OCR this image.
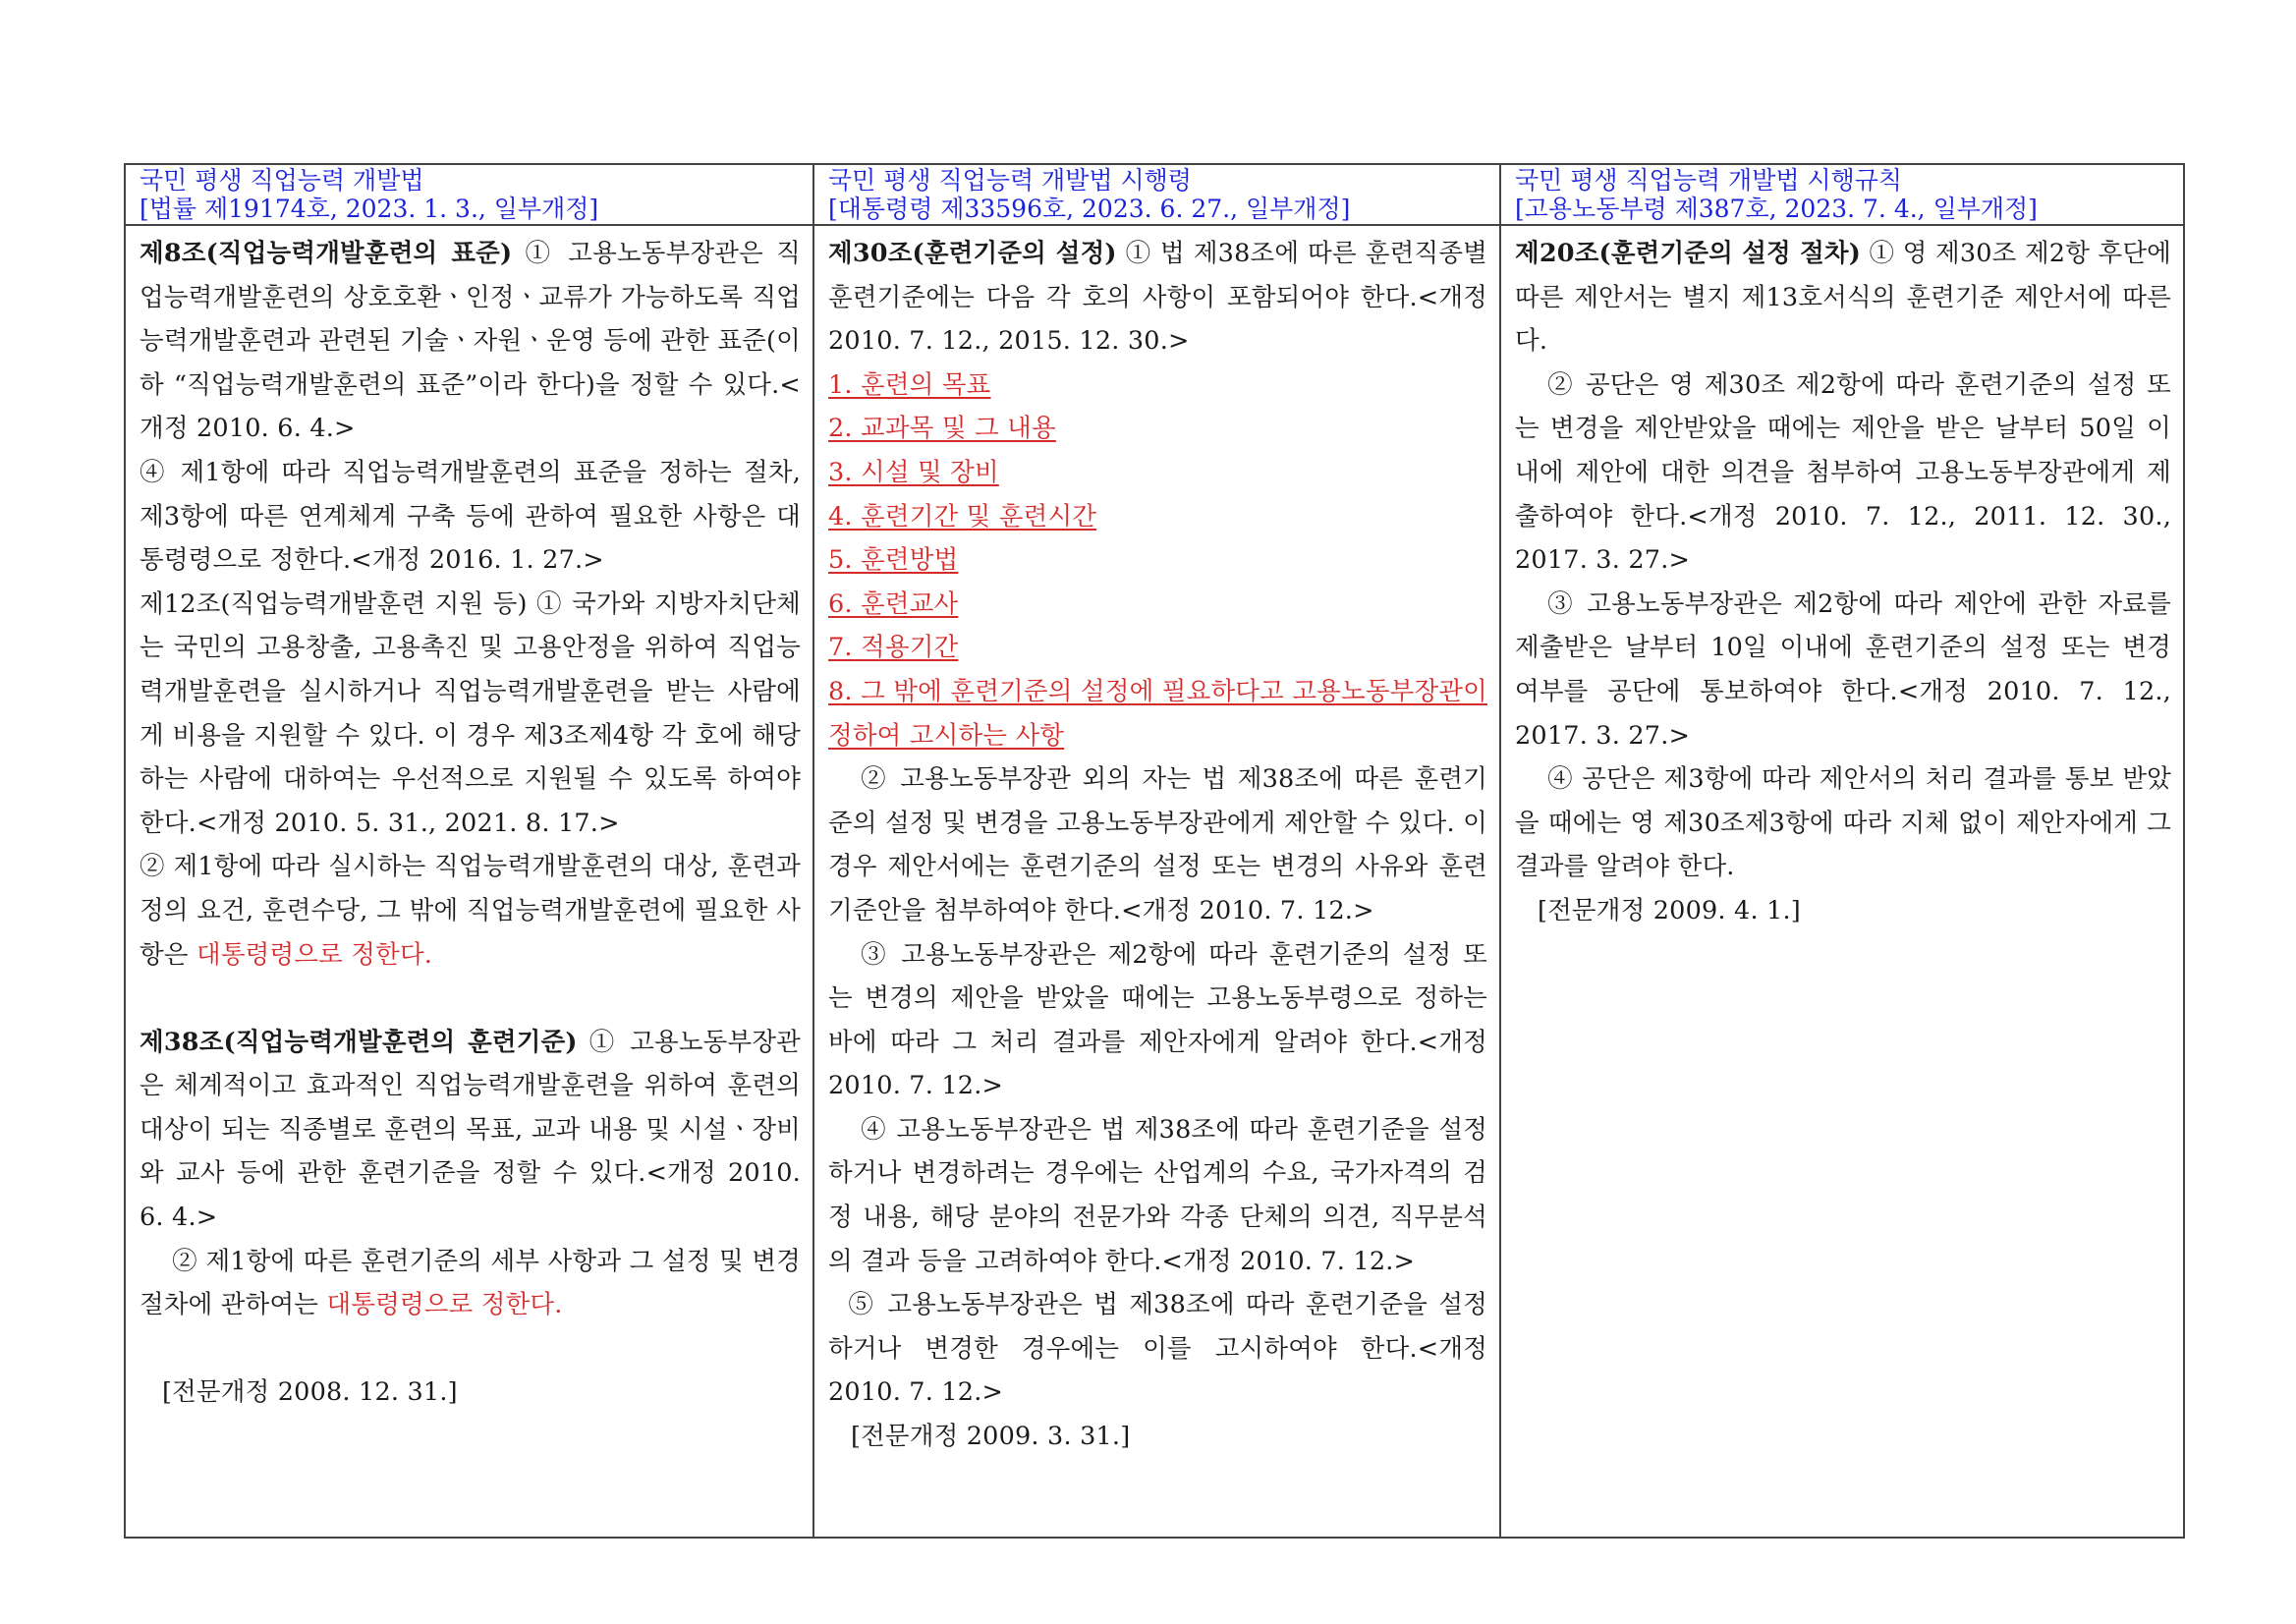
국민 평생 직업능력 개발법
[법률 제19174호, 2023. 1. 3., 일부개정]
국민 평생 직업능력 개발법 시행령
[대통령령 제33596호, 2023. 6. 27., 일부개정]
국민 평생 직업능력 개발법 시행규칙
[고용노동부령 제387호, 2023. 7. 4., 일부개정]

제8조(직업능력개발훈련의 표준) ① 고용노동부장관은 직업능력개발훈련의 상호호환ㆍ인정ㆍ교류가 가능하도록 직업능력개발훈련과 관련된 기술ㆍ자원ㆍ운영 등에 관한 표준(이하 “직업능력개발훈련의 표준”이라 한다)을 정할 수 있다.<개정 2010. 6. 4.>

④ 제1항에 따라 직업능력개발훈련의 표준을 정하는 절차, 제3항에 따른 연계체계 구축 등에 관하여 필요한 사항은 대통령령으로 정한다.<개정 2016. 1. 27.>

제12조(직업능력개발훈련 지원 등) ① 국가와 지방자치단체는 국민의 고용창출, 고용촉진 및 고용안정을 위하여 직업능력개발훈련을 실시하거나 직업능력개발훈련을 받는 사람에게 비용을 지원할 수 있다. 이 경우 제3조제4항 각 호에 해당하는 사람에 대하여는 우선적으로 지원될 수 있도록 하여야 한다.<개정 2010. 5. 31., 2021. 8. 17.>

② 제1항에 따라 실시하는 직업능력개발훈련의 대상, 훈련과정의 요건, 훈련수당, 그 밖에 직업능력개발훈련에 필요한 사항은 대통령령으로 정한다.

제38조(직업능력개발훈련의 훈련기준) ① 고용노동부장관은 체계적이고 효과적인 직업능력개발훈련을 위하여 훈련의 대상이 되는 직종별로 훈련의 목표, 교과 내용 및 시설ㆍ장비와 교사 등에 관한 훈련기준을 정할 수 있다.<개정 2010. 6. 4.>

② 제1항에 따른 훈련기준의 세부 사항과 그 설정 및 변경 절차에 관하여는 대통령령으로 정한다.

[전문개정 2008. 12. 31.]

제30조(훈련기준의 설정) ① 법 제38조에 따른 훈련직종별 훈련기준에는 다음 각 호의 사항이 포함되어야 한다.<개정 2010. 7. 12., 2015. 12. 30.>

1. 훈련의 목표
2. 교과목 및 그 내용
3. 시설 및 장비
4. 훈련기간 및 훈련시간
5. 훈련방법
6. 훈련교사
7. 적용기간
8. 그 밖에 훈련기준의 설정에 필요하다고 고용노동부장관이 정하여 고시하는 사항

② 고용노동부장관 외의 자는 법 제38조에 따른 훈련기준의 설정 및 변경을 고용노동부장관에게 제안할 수 있다. 이 경우 제안서에는 훈련기준의 설정 또는 변경의 사유와 훈련기준안을 첨부하여야 한다.<개정 2010. 7. 12.>

③ 고용노동부장관은 제2항에 따라 훈련기준의 설정 또는 변경의 제안을 받았을 때에는 고용노동부령으로 정하는 바에 따라 그 처리 결과를 제안자에게 알려야 한다.<개정 2010. 7. 12.>

④ 고용노동부장관은 법 제38조에 따라 훈련기준을 설정하거나 변경하려는 경우에는 산업계의 수요, 국가자격의 검정 내용, 해당 분야의 전문가와 각종 단체의 의견, 직무분석의 결과 등을 고려하여야 한다.<개정 2010. 7. 12.>

⑤ 고용노동부장관은 법 제38조에 따라 훈련기준을 설정하거나 변경한 경우에는 이를 고시하여야 한다.<개정 2010. 7. 12.>

[전문개정 2009. 3. 31.]

제20조(훈련기준의 설정 절차) ① 영 제30조 제2항 후단에 따른 제안서는 별지 제13호서식의 훈련기준 제안서에 따른다.

② 공단은 영 제30조 제2항에 따라 훈련기준의 설정 또는 변경을 제안받았을 때에는 제안을 받은 날부터 50일 이내에 제안에 대한 의견을 첨부하여 고용노동부장관에게 제출하여야 한다.<개정 2010. 7. 12., 2011. 12. 30., 2017. 3. 27.>

③ 고용노동부장관은 제2항에 따라 제안에 관한 자료를 제출받은 날부터 10일 이내에 훈련기준의 설정 또는 변경 여부를 공단에 통보하여야 한다.<개정 2010. 7. 12., 2017. 3. 27.>

④ 공단은 제3항에 따라 제안서의 처리 결과를 통보 받았을 때에는 영 제30조제3항에 따라 지체 없이 제안자에게 그 결과를 알려야 한다.

[전문개정 2009. 4. 1.]
